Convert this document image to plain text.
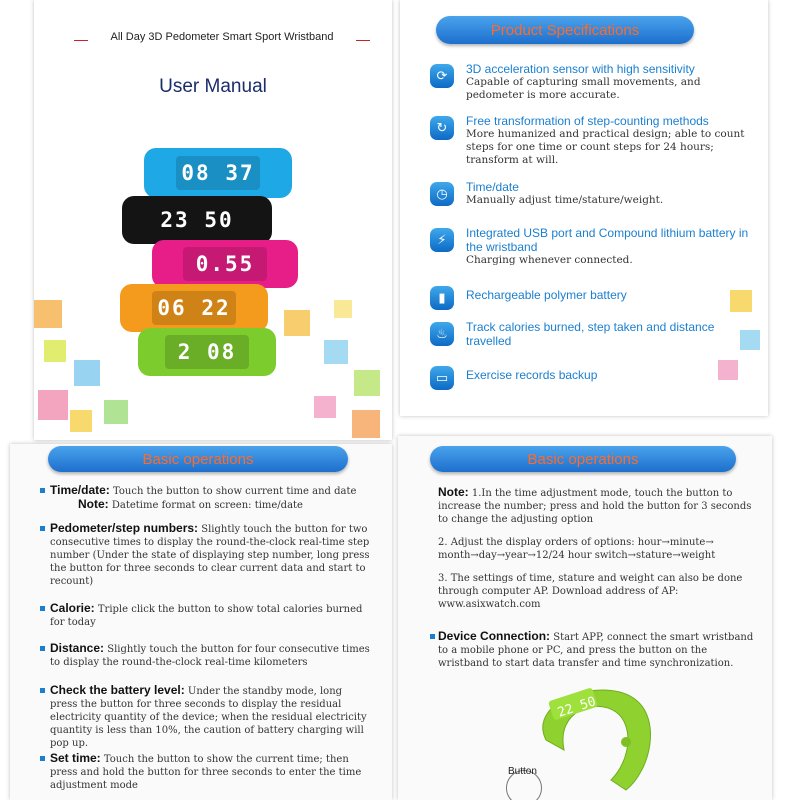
All Day 3D Pedometer Smart Sport Wristband
User Manual
08 37
23 50
0.55
06 22
2 08
Product Specifications
⟳	3D acceleration sensor with high sensitivity
Capable of capturing small movements, and pedometer is more accurate.
↻	Free transformation of step-counting methods
More humanized and practical design; able to count steps for one time or count steps for 24 hours; transform at will.
◷	Time/date
Manually adjust time/stature/weight.
⚡	Integrated USB port and Compound lithium battery in the wristband
Charging whenever connected.
▮	Rechargeable polymer battery
♨	Track calories burned, step taken and distance travelled
▭	Exercise records backup
Basic operations
Time/date: Touch the button to show current time and date
Note: Datetime format on screen: time/date
Pedometer/step numbers: Slightly touch the button for two consecutive times to display the round-the-clock real-time step number (Under the state of displaying step number, long press the button for three seconds to clear current data and start to recount)
Calorie: Triple click the button to show total calories burned for today
Distance: Slightly touch the button for four consecutive times to display the round-the-clock real-time kilometers
Check the battery level: Under the standby mode, long press the button for three seconds to display the residual electricity quantity of the device; when the residual electricity quantity is less than 10%, the caution of battery charging will pop up.
Set time: Touch the button to show the current time; then press and hold the button for three seconds to enter the time adjustment mode
Basic operations
Note: 1.In the time adjustment mode, touch the button to increase the number; press and hold the button for 3 seconds to change the adjusting option
2. Adjust the display orders of options: hour→minute→ month→day→year→12/24 hour switch→stature→weight
3. The settings of time, stature and weight can also be done through computer AP. Download address of AP: www.asixwatch.com
Device Connection: Start APP, connect the smart wristband to a mobile phone or PC, and press the button on the wristband to start data transfer and time synchronization.
22 50
Button
